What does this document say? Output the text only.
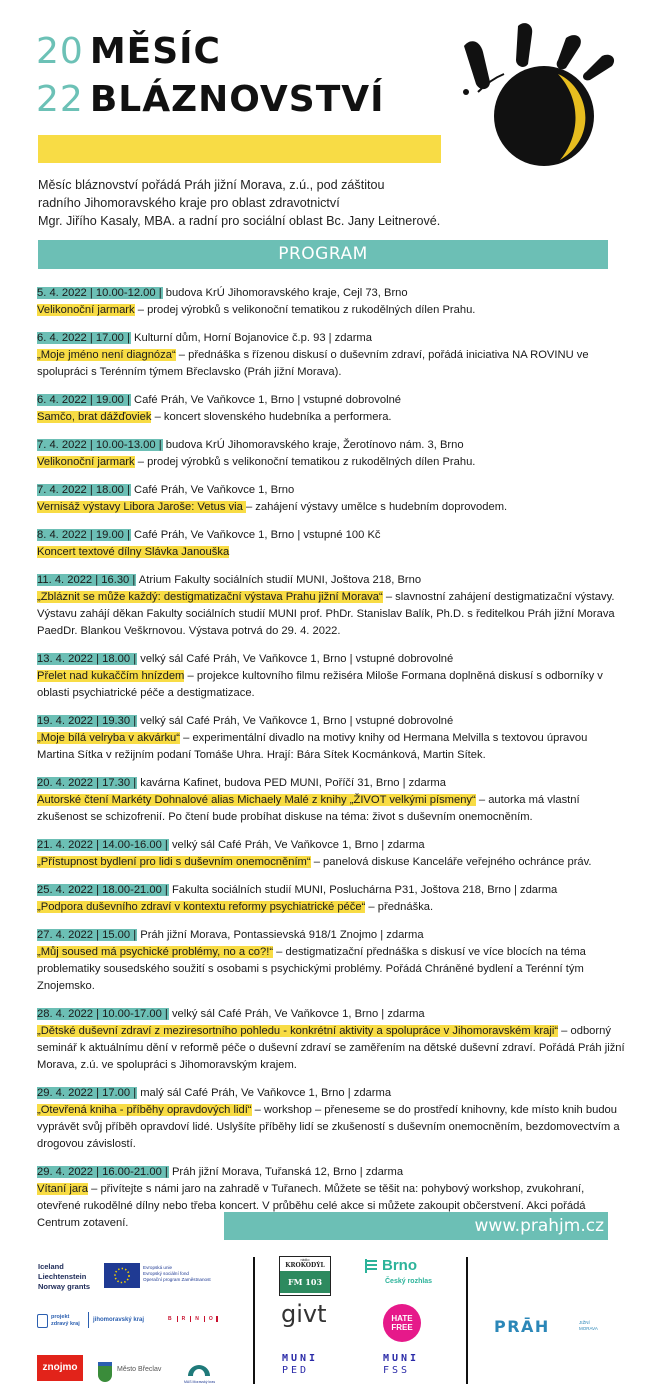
20 MĚSÍC
22 BLÁZNOVSTVÍ
Měsíc bláznovství pořádá Práh jižní Morava, z.ú., pod záštitou
radního Jihomoravského kraje pro oblast zdravotnictví
Mgr. Jiřího Kasaly, MBA. a radní pro sociální oblast Bc. Jany Leitnerové.
PROGRAM
5. 4. 2022 | 10.00-12.00 | budova KrÚ Jihomoravského kraje, Cejl 73, Brno
Velikonoční jarmark – prodej výrobků s velikonoční tematikou z rukodělných dílen Prahu.
6. 4. 2022 | 17.00 | Kulturní dům, Horní Bojanovice č.p. 93 | zdarma
„Moje jméno není diagnóza“ – přednáška s řízenou diskusí o duševním zdraví, pořádá iniciativa NA ROVINU ve spolupráci s Terénním týmem Břeclavsko (Práh jižní Morava).
6. 4. 2022 | 19.00 | Café Práh, Ve Vaňkovce 1, Brno | vstupné dobrovolné
Samčo, brat dážďoviek – koncert slovenského hudebníka a performera.
7. 4. 2022 | 10.00-13.00 | budova KrÚ Jihomoravského kraje, Žerotínovo nám. 3, Brno
Velikonoční jarmark – prodej výrobků s velikonoční tematikou z rukodělných dílen Prahu.
7. 4. 2022 | 18.00 | Café Práh, Ve Vaňkovce 1, Brno
Vernisáž výstavy Libora Jaroše: Vetus via – zahájení výstavy umělce s hudebním doprovodem.
8. 4. 2022 | 19.00 | Café Práh, Ve Vaňkovce 1, Brno | vstupné 100 Kč
Koncert textové dílny Slávka Janouška
11. 4. 2022 | 16.30 | Atrium Fakulty sociálních studií MUNI, Joštova 218, Brno
„Zbláznit se může každý: destigmatizační výstava Prahu jižní Morava“ – slavnostní zahájení destigmatizační výstavy. Výstavu zahájí děkan Fakulty sociálních studií MUNI prof. PhDr. Stanislav Balík, Ph.D. s ředitelkou Práh jižní Morava PaedDr. Blankou Veškrnovou. Výstava potrvá do 29. 4. 2022.
13. 4. 2022 | 18.00 | velký sál Café Práh, Ve Vaňkovce 1, Brno | vstupné dobrovolné
Přelet nad kukaččím hnízdem – projekce kultovního filmu režiséra Miloše Formana doplněná diskusí s odborníky v oblasti psychiatrické péče a destigmatizace.
19. 4. 2022 | 19.30 | velký sál Café Práh, Ve Vaňkovce 1, Brno | vstupné dobrovolné
„Moje bílá velryba v akvárku“ – experimentální divadlo na motivy knihy od Hermana Melvilla s textovou úpravou Martina Sítka v režijním podaní Tomáše Uhra. Hrají: Bára Sítek Kocmánková, Martin Sítek.
20. 4. 2022 | 17.30 | kavárna Kafinet, budova PED MUNI, Poříčí 31, Brno | zdarma
Autorské čtení Markéty Dohnalové alias Michaely Malé z knihy „ŽIVOT velkými písmeny“ – autorka má vlastní zkušenost se schizofrenií. Po čtení bude probíhat diskuse na téma: život s duševním onemocněním.
21. 4. 2022 | 14.00-16.00 | velký sál Café Práh, Ve Vaňkovce 1, Brno | zdarma
„Přístupnost bydlení pro lidi s duševním onemocněním“ – panelová diskuse Kanceláře veřejného ochránce práv.
25. 4. 2022 | 18.00-21.00 | Fakulta sociálních studií MUNI, Posluchárna P31, Joštova 218, Brno | zdarma
„Podpora duševního zdraví v kontextu reformy psychiatrické péče“ – přednáška.
27. 4. 2022 | 15.00 | Práh jižní Morava, Pontassievská 918/1 Znojmo | zdarma
„Můj soused má psychické problémy, no a co?!“ – destigmatizační přednáška s diskusí ve více blocích na téma problematiky sousedského soužití s osobami s psychickými problémy. Pořádá Chráněné bydlení a Terénní tým Znojemsko.
28. 4. 2022 | 10.00-17.00 | velký sál Café Práh, Ve Vaňkovce 1, Brno | zdarma
„Dětské duševní zdraví z meziresortního pohledu - konkrétní aktivity a spolupráce v Jihomoravském kraji“ – odborný seminář k aktuálnímu dění v reformě péče o duševní zdraví se zaměřením na dětské duševní zdraví. Pořádá Práh jižní Morava, z.ú. ve spolupráci s Jihomoravským krajem.
29. 4. 2022 | 17.00 | malý sál Café Práh, Ve Vaňkovce 1, Brno | zdarma
„Otevřená kniha - příběhy opravdových lidí“ – workshop – přeneseme se do prostředí knihovny, kde místo knih budou vyprávět svůj příběh opravdoví lidé. Uslyšíte příběhy lidí se zkušeností s duševním onemocněním, bezdomovectvím a drogovou závislostí.
29. 4. 2022 | 16.00-21.00 | Práh jižní Morava, Tuřanská 12, Brno | zdarma
Vítaní jara – přivítejte s námi jaro na zahradě v Tuřanech. Můžete se těšit na: pohybový workshop, zvukohraní, otevřené rukodělné dílny nebo třeba koncert. V průběhu celé akce si můžete zakoupit občerstvení. Akci pořádá Centrum zotavení.	www.prahjm.cz
Iceland
Liechtenstein
Norway grants
Evropská unie
Evropský sociální fond
Operační program Zaměstnanost
projekt
zdravý kraj
jihomoravský kraj	B	R	N	O
znojmo	Město Břeclav
MAS Moravský kras
rádio
KROKODÝL
FM 103
Brno
Český rozhlas
givt	HATE
FREE
MUNI
PED
MUNI
FSS
PRĀH	JIŽNÍ
MORAVA
